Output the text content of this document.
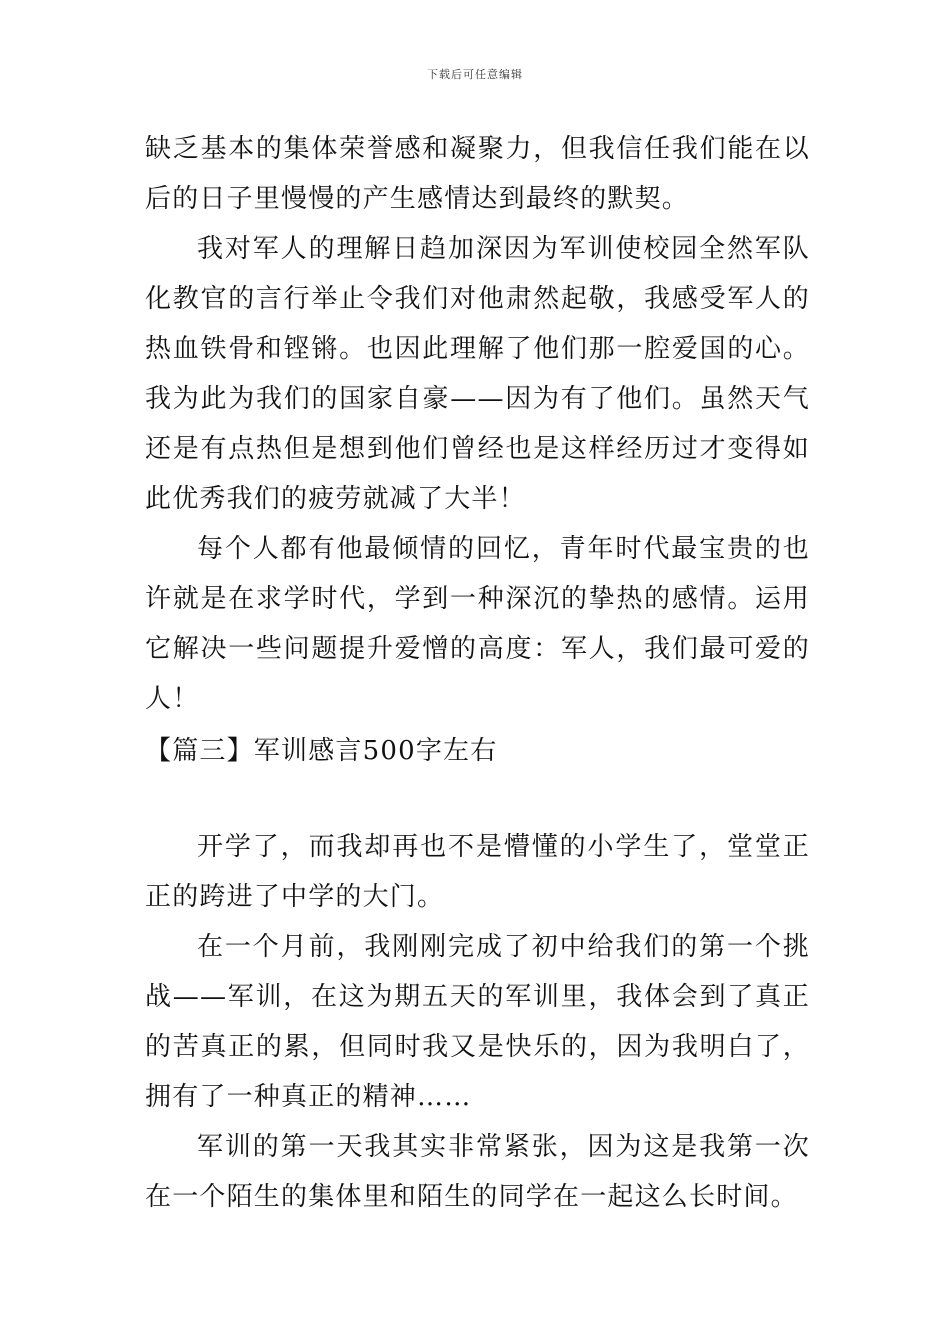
下载后可任意编辑

缺乏基本的集体荣誉感和凝聚力，但我信任我们能在以后的日子里慢慢的产生感情达到最终的默契。

我对军人的理解日趋加深因为军训使校园全然军队化教官的言行举止令我们对他肃然起敬，我感受军人的热血铁骨和铿锵。也因此理解了他们那一腔爱国的心。我为此为我们的国家自豪——因为有了他们。虽然天气还是有点热但是想到他们曾经也是这样经历过才变得如此优秀我们的疲劳就减了大半！

每个人都有他最倾情的回忆，青年时代最宝贵的也许就是在求学时代，学到一种深沉的挚热的感情。运用它解决一些问题提升爱憎的高度：军人，我们最可爱的人！

【篇三】军训感言500字左右

开学了，而我却再也不是懵懂的小学生了，堂堂正正的跨进了中学的大门。

在一个月前，我刚刚完成了初中给我们的第一个挑战——军训，在这为期五天的军训里，我体会到了真正的苦真正的累，但同时我又是快乐的，因为我明白了，拥有了一种真正的精神……

军训的第一天我其实非常紧张，因为这是我第一次在一个陌生的集体里和陌生的同学在一起这么长时间。
